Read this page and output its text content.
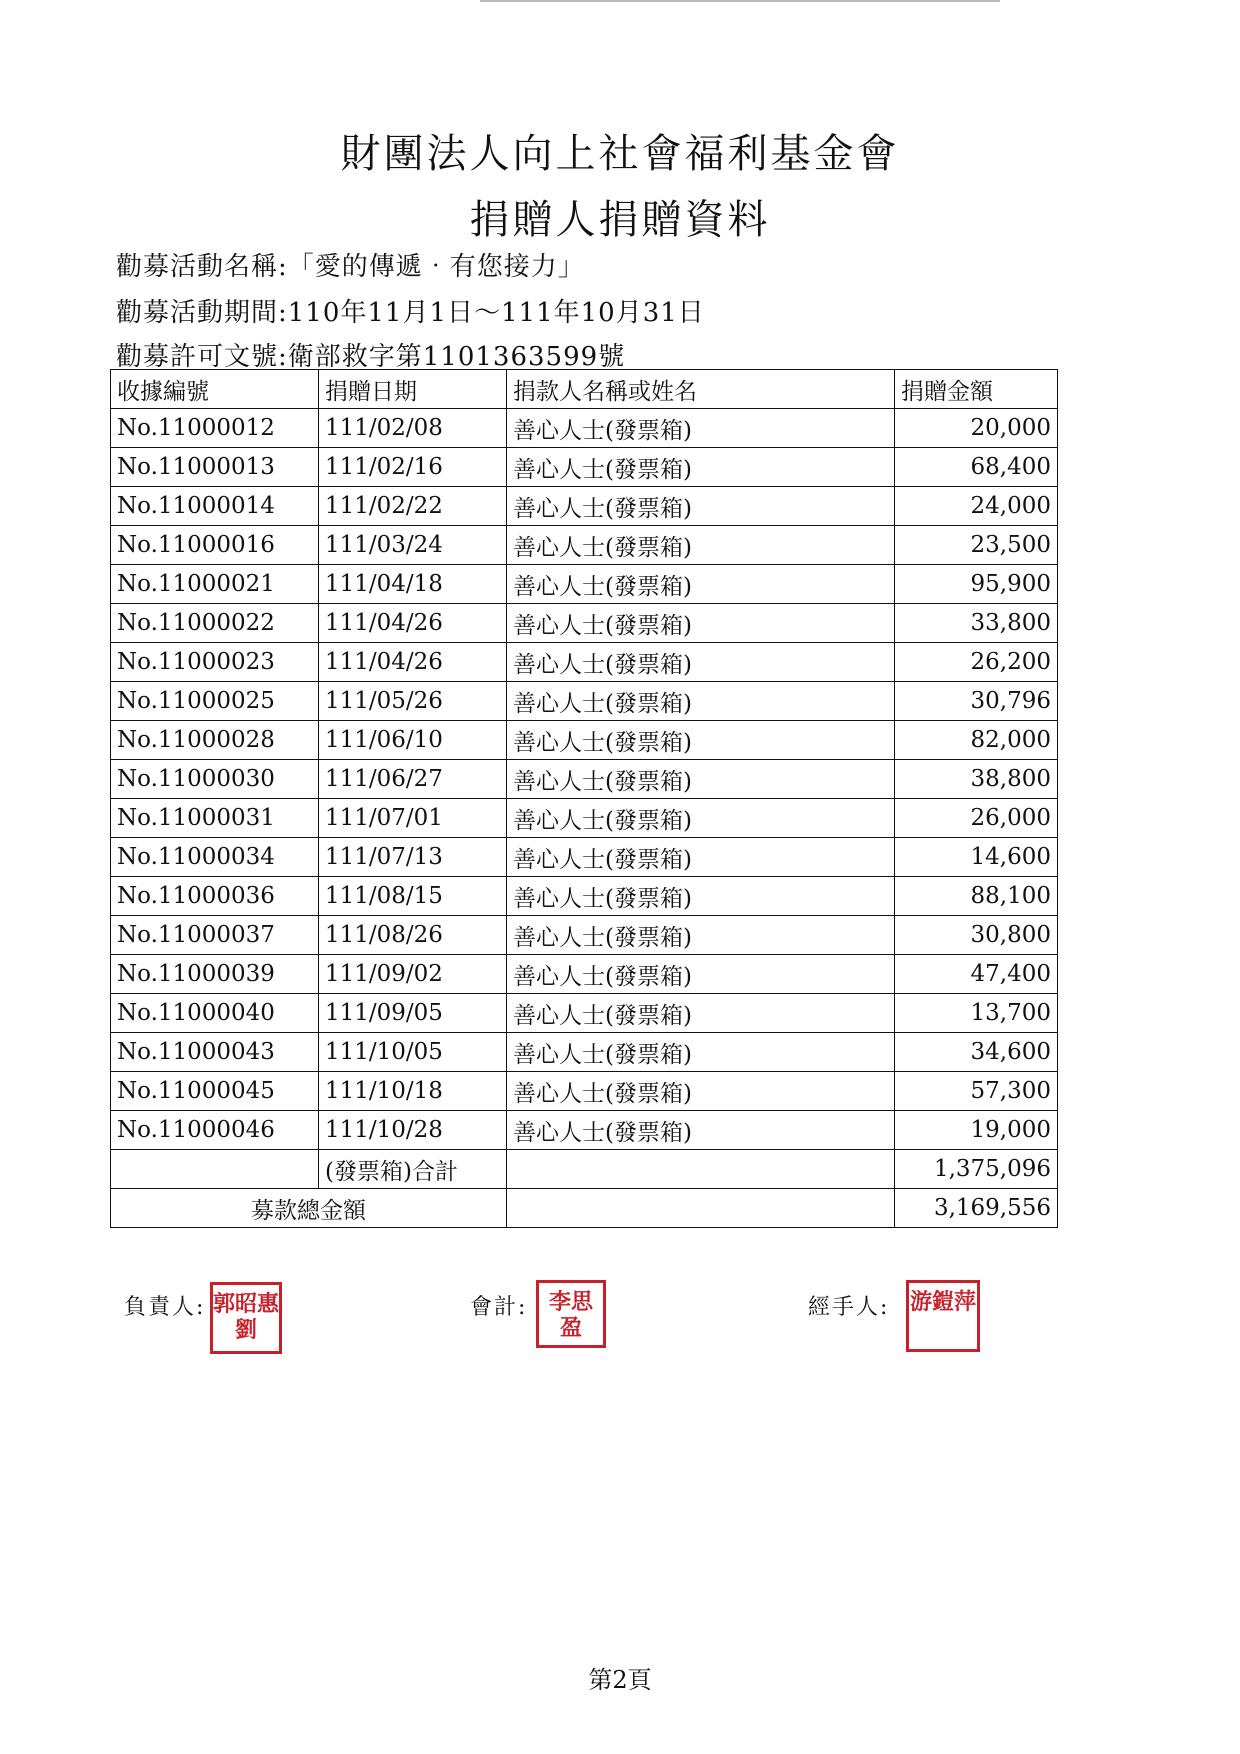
財團法人向上社會福利基金會
捐贈人捐贈資料
勸募活動名稱:「愛的傳遞‧有您接力」
勸募活動期間:110年11月1日～111年10月31日
勸募許可文號:衛部救字第1101363599號
收據編號	捐贈日期	捐款人名稱或姓名	捐贈金額
No.11000012	111/02/08	善心人士(發票箱)	20,000
No.11000013	111/02/16	善心人士(發票箱)	68,400
No.11000014	111/02/22	善心人士(發票箱)	24,000
No.11000016	111/03/24	善心人士(發票箱)	23,500
No.11000021	111/04/18	善心人士(發票箱)	95,900
No.11000022	111/04/26	善心人士(發票箱)	33,800
No.11000023	111/04/26	善心人士(發票箱)	26,200
No.11000025	111/05/26	善心人士(發票箱)	30,796
No.11000028	111/06/10	善心人士(發票箱)	82,000
No.11000030	111/06/27	善心人士(發票箱)	38,800
No.11000031	111/07/01	善心人士(發票箱)	26,000
No.11000034	111/07/13	善心人士(發票箱)	14,600
No.11000036	111/08/15	善心人士(發票箱)	88,100
No.11000037	111/08/26	善心人士(發票箱)	30,800
No.11000039	111/09/02	善心人士(發票箱)	47,400
No.11000040	111/09/05	善心人士(發票箱)	13,700
No.11000043	111/10/05	善心人士(發票箱)	34,600
No.11000045	111/10/18	善心人士(發票箱)	57,300
No.11000046	111/10/28	善心人士(發票箱)	19,000
	(發票箱)合計		1,375,096
募款總金額			3,169,556
負責人: 郭昭惠劉
會計: 李思盈
經手人: 游鎧萍
第2頁
